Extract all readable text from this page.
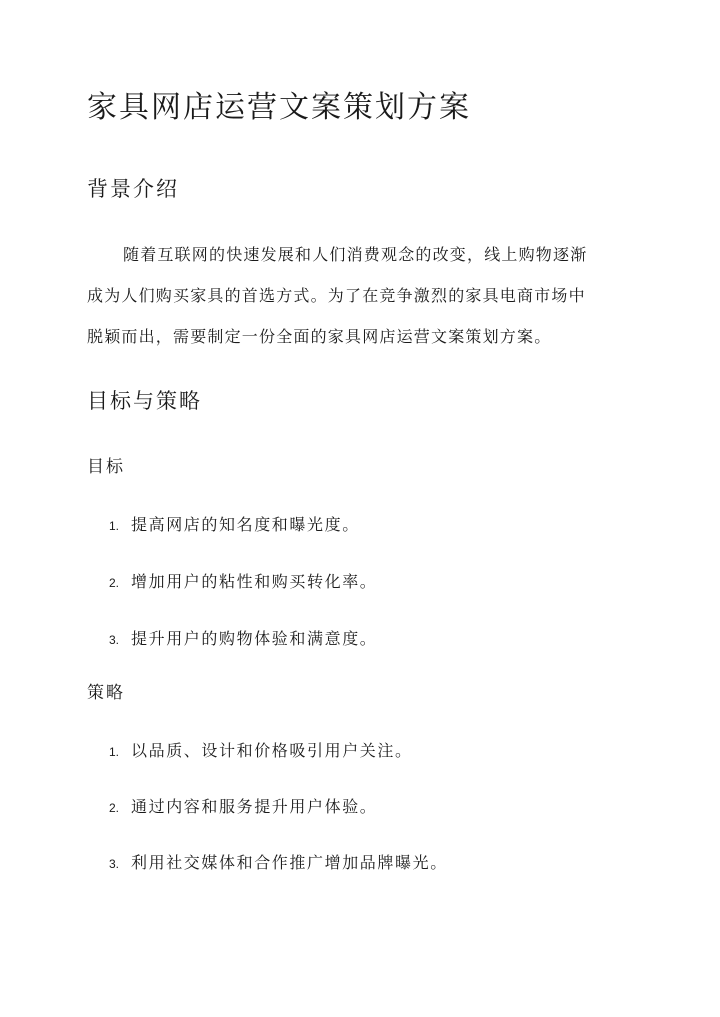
家具网店运营文案策划方案
背景介绍

随着互联网的快速发展和人们消费观念的改变，线上购物逐渐
成为人们购买家具的首选方式。为了在竞争激烈的家具电商市场中
脱颖而出，需要制定一份全面的家具网店运营文案策划方案。

目标与策略
目标
1. 提高网店的知名度和曝光度。
2. 增加用户的粘性和购买转化率。
3. 提升用户的购物体验和满意度。
策略
1. 以品质、设计和价格吸引用户关注。
2. 通过内容和服务提升用户体验。
3. 利用社交媒体和合作推广增加品牌曝光。
